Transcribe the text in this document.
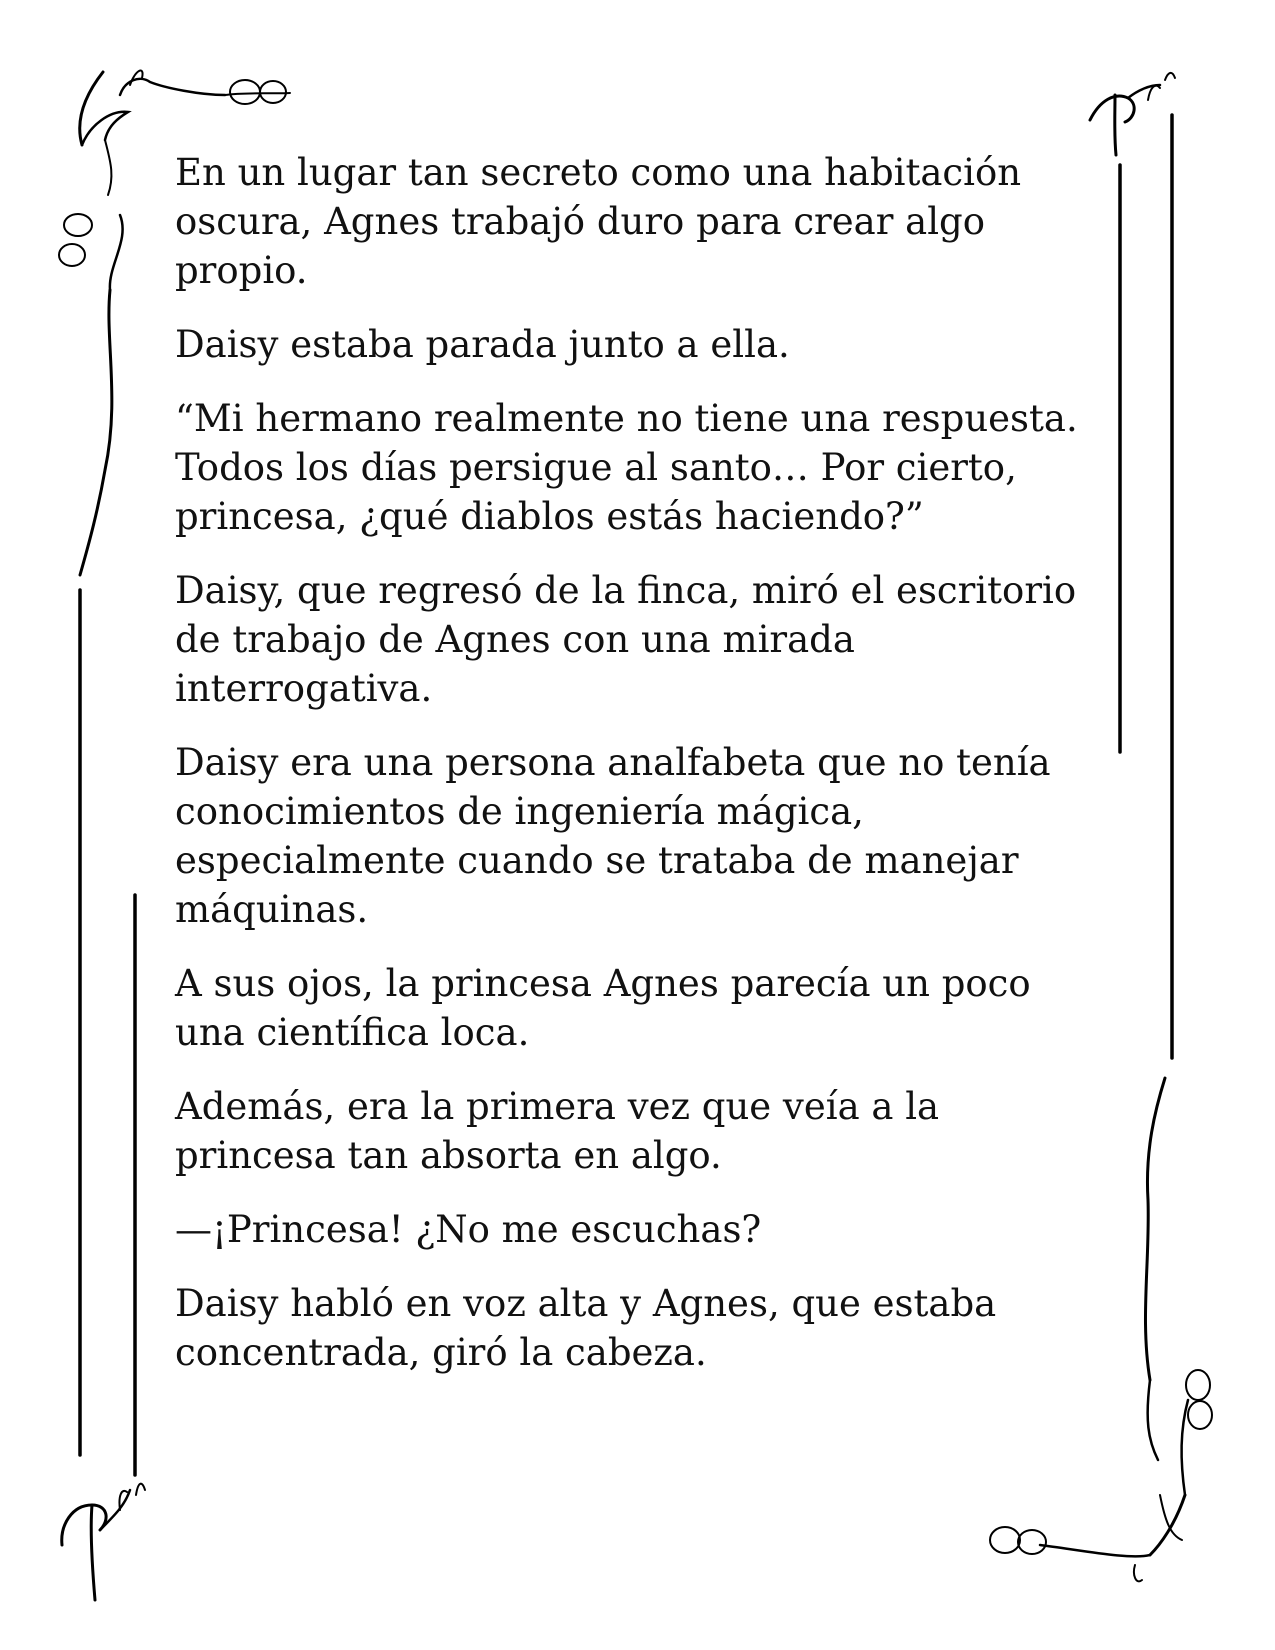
En un lugar tan secreto como una habitación oscura, Agnes trabajó duro para crear algo propio.

Daisy estaba parada junto a ella.

“Mi hermano realmente no tiene una respuesta. Todos los días persigue al santo… Por cierto, princesa, ¿qué diablos estás haciendo?”

Daisy, que regresó de la finca, miró el escritorio de trabajo de Agnes con una mirada interrogativa.

Daisy era una persona analfabeta que no tenía conocimientos de ingeniería mágica, especialmente cuando se trataba de manejar máquinas.

A sus ojos, la princesa Agnes parecía un poco una científica loca.

Además, era la primera vez que veía a la princesa tan absorta en algo.

—¡Princesa! ¿No me escuchas?

Daisy habló en voz alta y Agnes, que estaba concentrada, giró la cabeza.
